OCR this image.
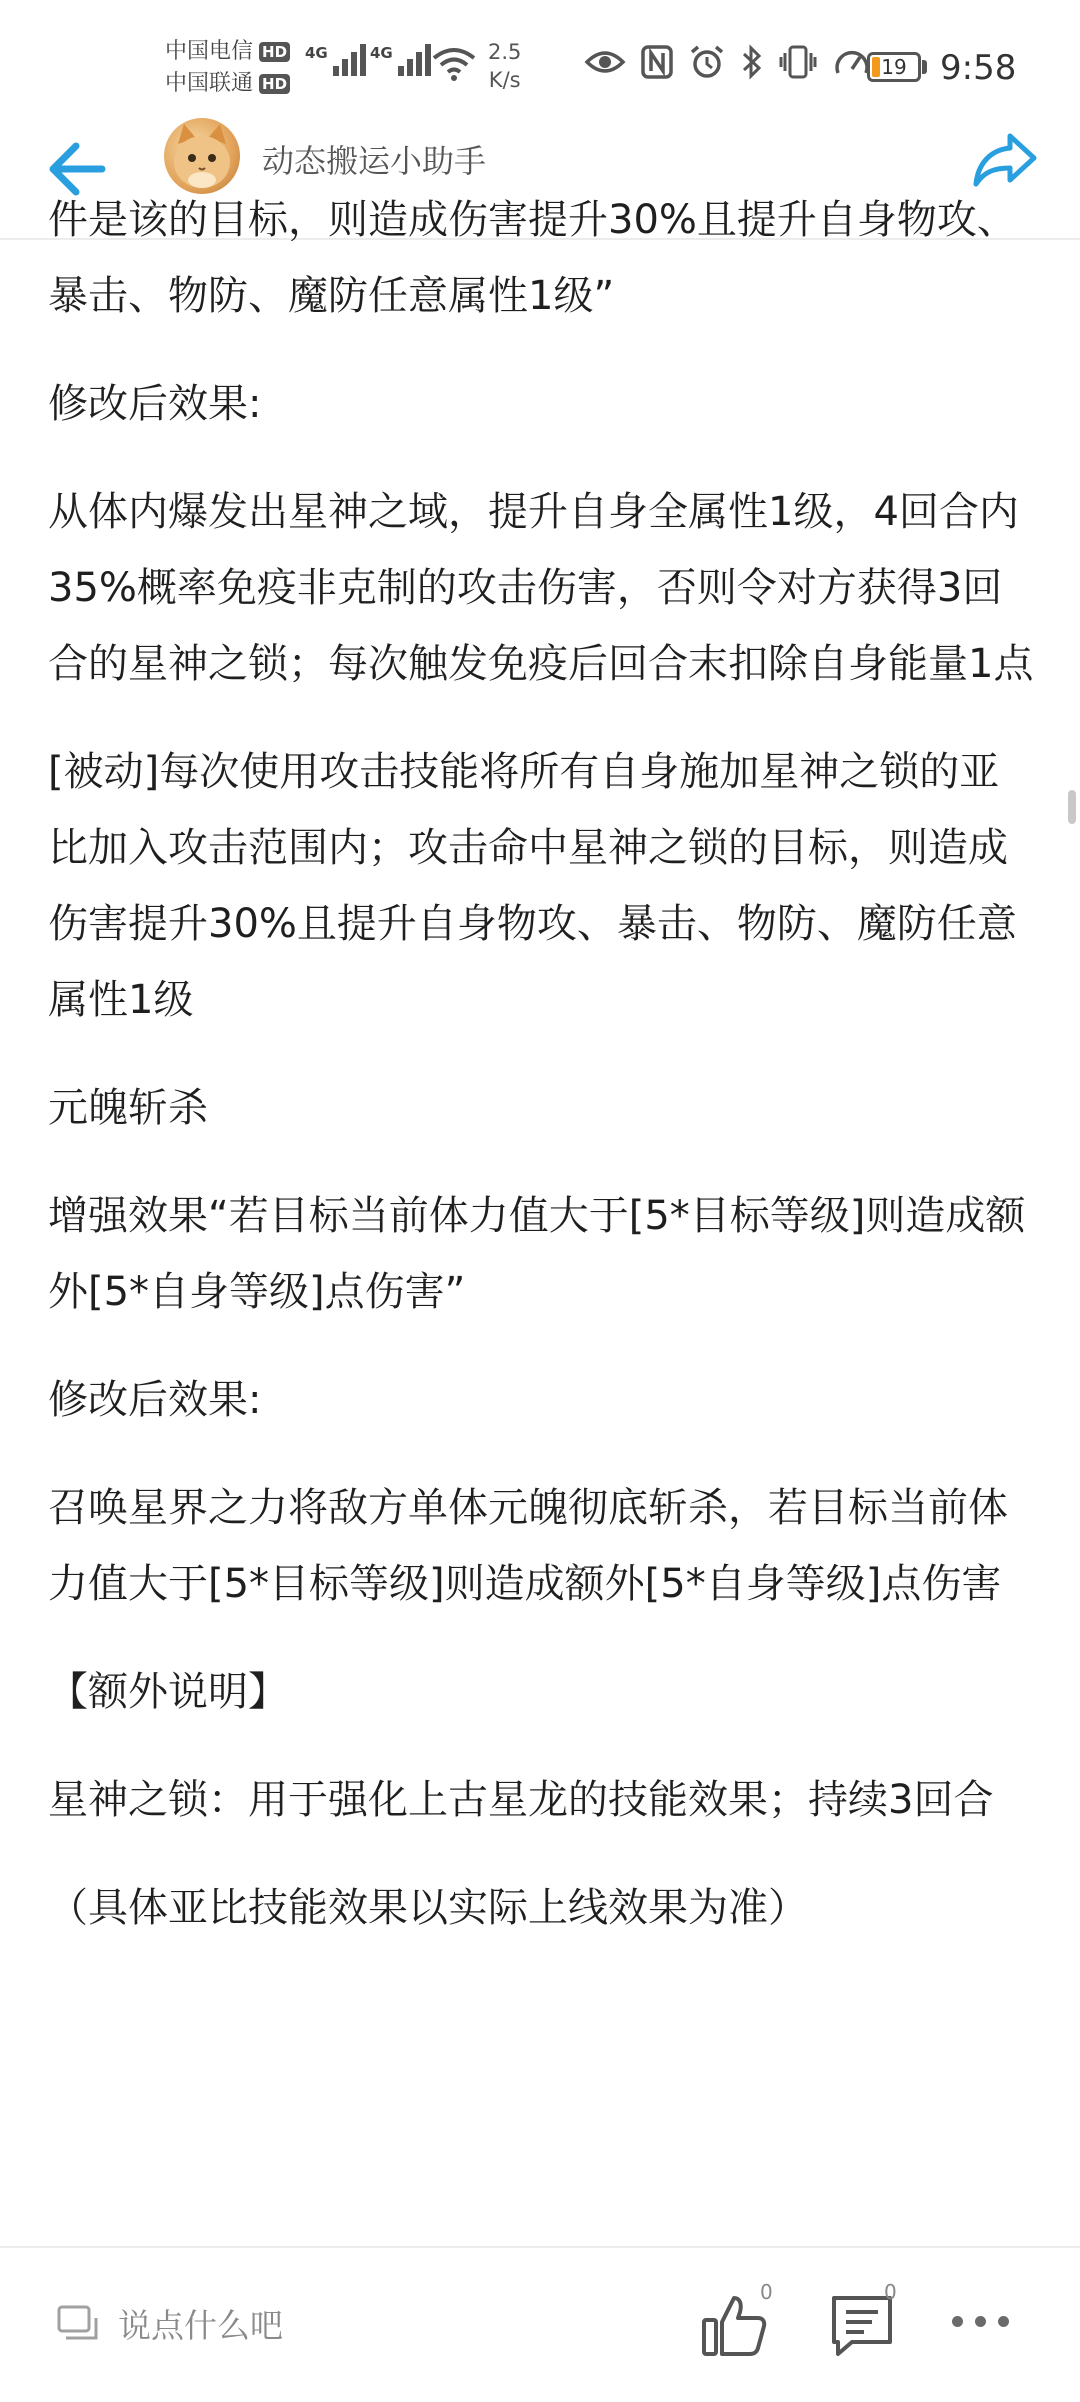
中国电信 HD
中国联通 HD
4G	4G	2.5
K/s
19 9:58
动态搬运小助手

件是该的目标，则造成伤害提升30%且提升自身物攻、暴击、物防、魔防任意属性1级”

修改后效果:

从体内爆发出星神之域，提升自身全属性1级，4回合内35%概率免疫非克制的攻击伤害，否则令对方获得3回合的星神之锁；每次触发免疫后回合末扣除自身能量1点

[被动]每次使用攻击技能将所有自身施加星神之锁的亚比加入攻击范围内；攻击命中星神之锁的目标，则造成伤害提升30%且提升自身物攻、暴击、物防、魔防任意属性1级

元魄斩杀

增强效果“若目标当前体力值大于[5*目标等级]则造成额外[5*自身等级]点伤害”

修改后效果:

召唤星界之力将敌方单体元魄彻底斩杀，若目标当前体力值大于[5*目标等级]则造成额外[5*自身等级]点伤害

【额外说明】

星神之锁：用于强化上古星龙的技能效果；持续3回合

（具体亚比技能效果以实际上线效果为准）

说点什么吧
0	0
